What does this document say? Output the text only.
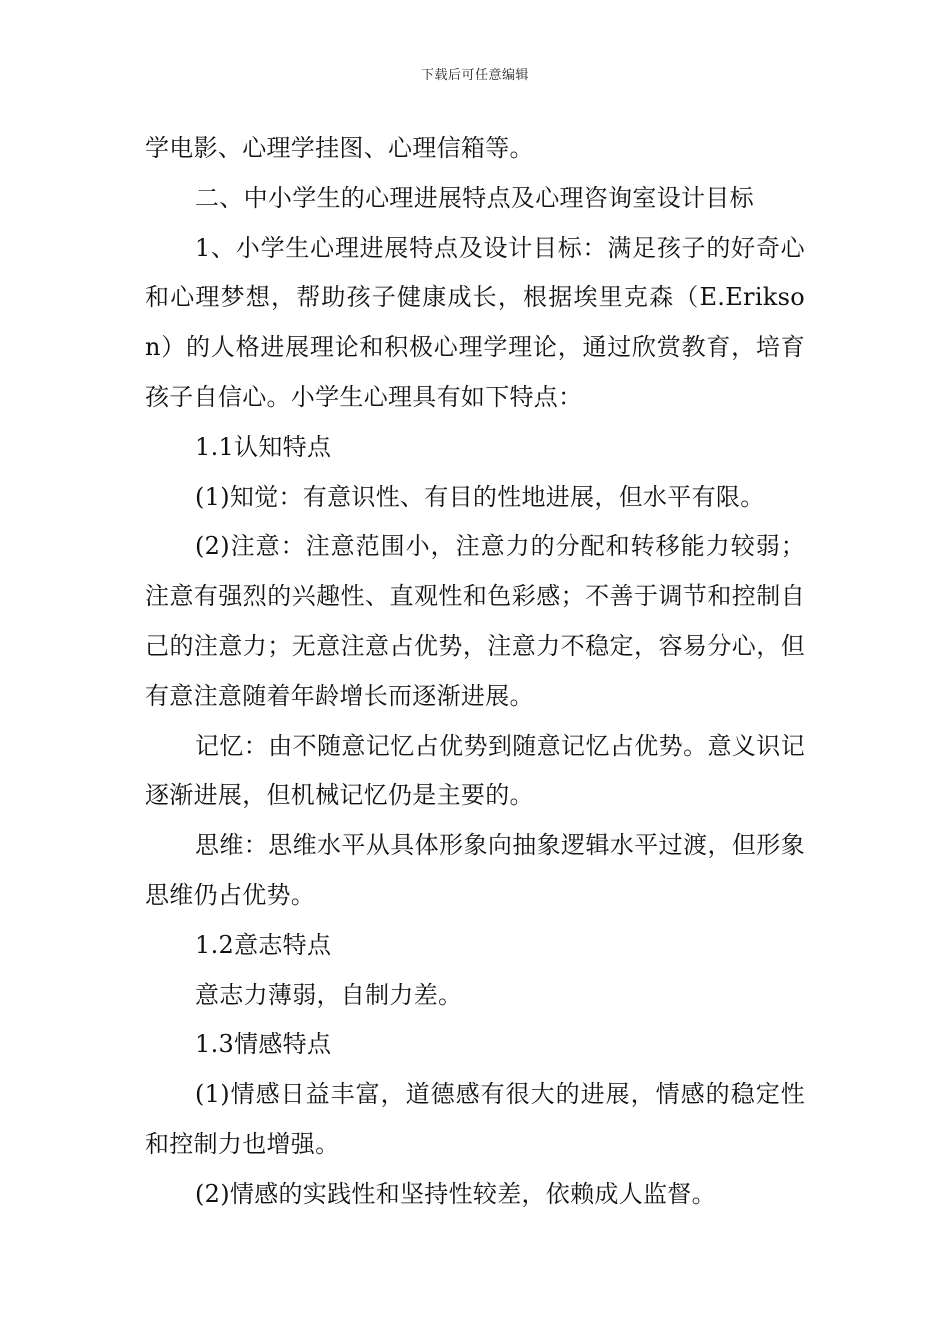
下载后可任意编辑

学电影、心理学挂图、心理信箱等。

二、中小学生的心理进展特点及心理咨询室设计目标

1、小学生心理进展特点及设计目标：满足孩子的好奇心和心理梦想，帮助孩子健康成长，根据埃里克森（E.Erikson）的人格进展理论和积极心理学理论，通过欣赏教育，培育孩子自信心。小学生心理具有如下特点：

1.1认知特点

(1)知觉：有意识性、有目的性地进展，但水平有限。

(2)注意：注意范围小，注意力的分配和转移能力较弱；注意有强烈的兴趣性、直观性和色彩感；不善于调节和控制自己的注意力；无意注意占优势，注意力不稳定，容易分心，但有意注意随着年龄增长而逐渐进展。

记忆：由不随意记忆占优势到随意记忆占优势。意义识记逐渐进展，但机械记忆仍是主要的。

思维：思维水平从具体形象向抽象逻辑水平过渡，但形象思维仍占优势。

1.2意志特点

意志力薄弱，自制力差。

1.3情感特点

(1)情感日益丰富，道德感有很大的进展，情感的稳定性和控制力也增强。

(2)情感的实践性和坚持性较差，依赖成人监督。
